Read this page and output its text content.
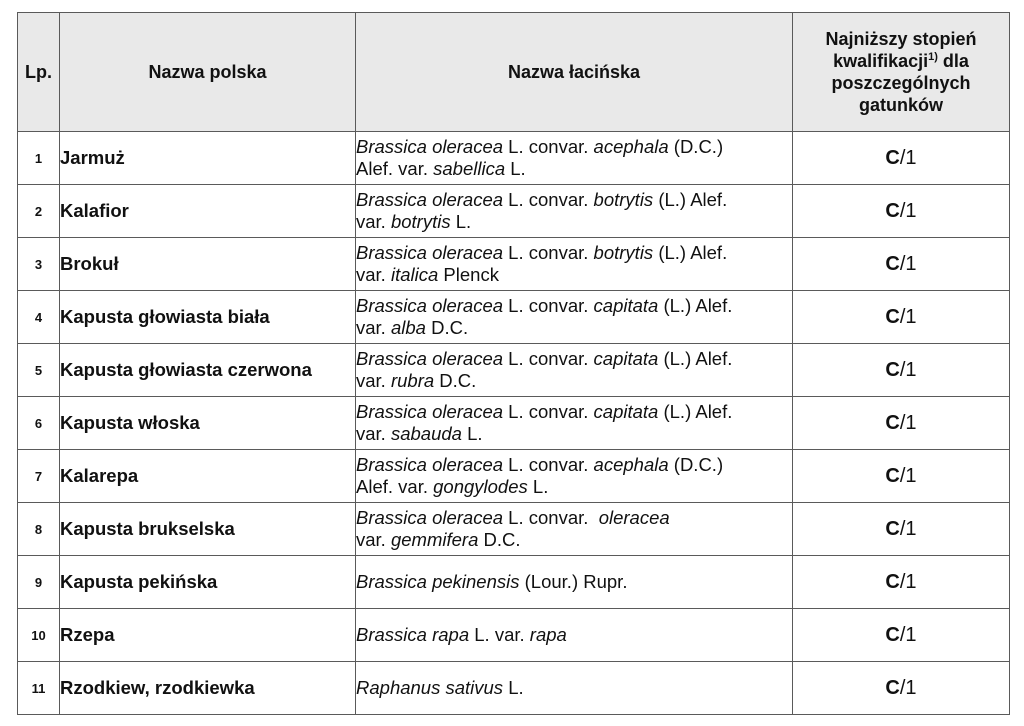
Lp.	Nazwa polska	Nazwa łacińska	Najniższy stopień
kwalifikacji$^{1)}$ dla
poszczególnych
gatunków
1	Jarmuż	Brassica oleracea L. convar. acephala (D.C.)
Alef. var. sabellica L.	C/1
2	Kalafior	Brassica oleracea L. convar. botrytis (L.) Alef.
var. botrytis L.	C/1
3	Brokuł	Brassica oleracea L. convar. botrytis (L.) Alef.
var. italica Plenck	C/1
4	Kapusta głowiasta biała	Brassica oleracea L. convar. capitata (L.) Alef.
var. alba D.C.	C/1
5	Kapusta głowiasta czerwona	Brassica oleracea L. convar. capitata (L.) Alef.
var. rubra D.C.	C/1
6	Kapusta włoska	Brassica oleracea L. convar. capitata (L.) Alef.
var. sabauda L.	C/1
7	Kalarepa	Brassica oleracea L. convar. acephala (D.C.)
Alef. var. gongylodes L.	C/1
8	Kapusta brukselska	Brassica oleracea L. convar.  oleracea
var. gemmifera D.C.	C/1
9	Kapusta pekińska	Brassica pekinensis (Lour.) Rupr.	C/1
10	Rzepa	Brassica rapa L. var. rapa	C/1
11	Rzodkiew, rzodkiewka	Raphanus sativus L.	C/1
